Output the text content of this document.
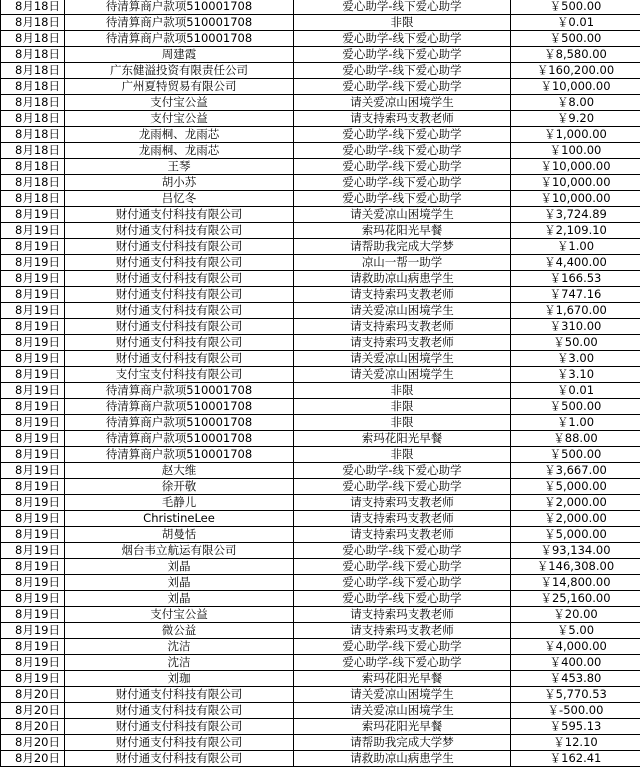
8月18日	待清算商户款项510001708	爱心助学-线下爱心助学	￥500.00
8月18日	待清算商户款项510001708	非限	￥0.01
8月18日	待清算商户款项510001708	爱心助学-线下爱心助学	￥500.00
8月18日	周建霞	爱心助学-线下爱心助学	￥8,580.00
8月18日	广东健溢投资有限责任公司	爱心助学-线下爱心助学	￥160,200.00
8月18日	广州夏特贸易有限公司	爱心助学-线下爱心助学	￥10,000.00
8月18日	支付宝公益	请关爱凉山困境学生	￥8.00
8月18日	支付宝公益	请支持索玛支教老师	￥9.20
8月18日	龙雨桐、龙雨芯	爱心助学-线下爱心助学	￥1,000.00
8月18日	龙雨桐、龙雨芯	爱心助学-线下爱心助学	￥100.00
8月18日	王琴	爱心助学-线下爱心助学	￥10,000.00
8月18日	胡小苏	爱心助学-线下爱心助学	￥10,000.00
8月18日	吕忆冬	爱心助学-线下爱心助学	￥10,000.00
8月19日	财付通支付科技有限公司	请关爱凉山困境学生	￥3,724.89
8月19日	财付通支付科技有限公司	索玛花阳光早餐	￥2,109.10
8月19日	财付通支付科技有限公司	请帮助我完成大学梦	￥1.00
8月19日	财付通支付科技有限公司	凉山一帮一助学	￥4,400.00
8月19日	财付通支付科技有限公司	请救助凉山病患学生	￥166.53
8月19日	财付通支付科技有限公司	请支持索玛支教老师	￥747.16
8月19日	财付通支付科技有限公司	请关爱凉山困境学生	￥1,670.00
8月19日	财付通支付科技有限公司	请支持索玛支教老师	￥310.00
8月19日	财付通支付科技有限公司	请支持索玛支教老师	￥50.00
8月19日	财付通支付科技有限公司	请关爱凉山困境学生	￥3.00
8月19日	支付宝支付科技有限公司	请关爱凉山困境学生	￥3.10
8月19日	待清算商户款项510001708	非限	￥0.01
8月19日	待清算商户款项510001708	非限	￥500.00
8月19日	待清算商户款项510001708	非限	￥1.00
8月19日	待清算商户款项510001708	索玛花阳光早餐	￥88.00
8月19日	待清算商户款项510001708	非限	￥500.00
8月19日	赵大维	爱心助学-线下爱心助学	￥3,667.00
8月19日	徐开敬	爱心助学-线下爱心助学	￥5,000.00
8月19日	毛静儿	请支持索玛支教老师	￥2,000.00
8月19日	ChristineLee	请支持索玛支教老师	￥2,000.00
8月19日	胡曼恬	请支持索玛支教老师	￥5,000.00
8月19日	烟台韦立航运有限公司	爱心助学-线下爱心助学	￥93,134.00
8月19日	刘晶	爱心助学-线下爱心助学	￥146,308.00
8月19日	刘晶	爱心助学-线下爱心助学	￥14,800.00
8月19日	刘晶	爱心助学-线下爱心助学	￥25,160.00
8月19日	支付宝公益	请支持索玛支教老师	￥20.00
8月19日	微公益	请支持索玛支教老师	￥5.00
8月19日	沈洁	爱心助学-线下爱心助学	￥4,000.00
8月19日	沈洁	爱心助学-线下爱心助学	￥400.00
8月19日	刘珈	索玛花阳光早餐	￥453.80
8月20日	财付通支付科技有限公司	请关爱凉山困境学生	￥5,770.53
8月20日	财付通支付科技有限公司	请关爱凉山困境学生	￥-500.00
8月20日	财付通支付科技有限公司	索玛花阳光早餐	￥595.13
8月20日	财付通支付科技有限公司	请帮助我完成大学梦	￥12.10
8月20日	财付通支付科技有限公司	请救助凉山病患学生	￥162.41
